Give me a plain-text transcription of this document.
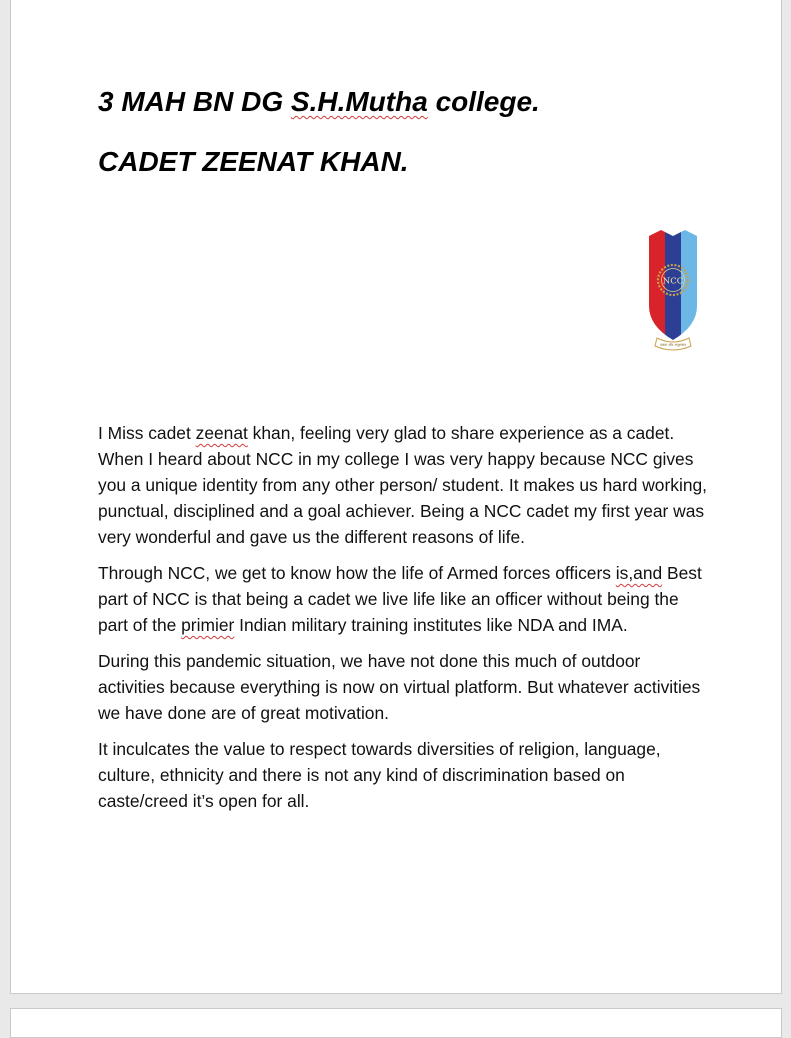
3 MAH BN DG S.H.Mutha college.
CADET ZEENAT KHAN.
NCC
एकता और अनुशासन

I Miss cadet zeenat khan, feeling very glad to share experience as a cadet. When I heard about NCC in my college I was very happy because NCC gives you a unique identity from any other person/ student. It makes us hard working, punctual, disciplined and a goal achiever. Being a NCC cadet my first year was very wonderful and gave us the different reasons of life.

Through NCC, we get to know how the life of Armed forces officers is,and Best part of NCC is that being a cadet we live life like an officer without being the part of the primier Indian military training institutes like NDA and IMA.

During this pandemic situation, we have not done this much of outdoor activities because everything is now on virtual platform. But whatever activities we have done are of great motivation.

It inculcates the value to respect towards diversities of religion, language, culture, ethnicity and there is not any kind of discrimination based on caste/creed it’s open for all.
